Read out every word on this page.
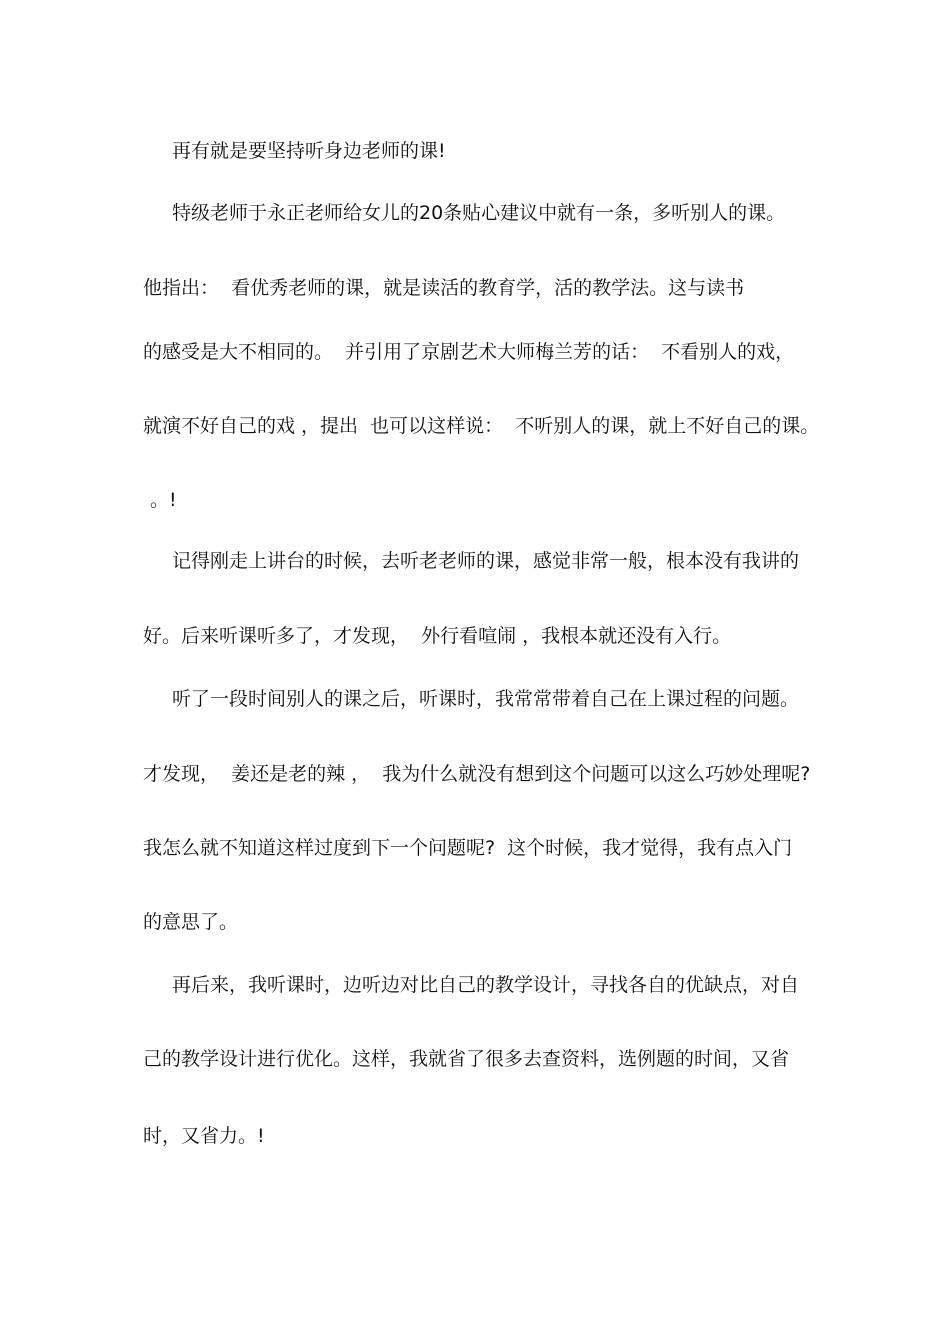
再有就是要坚持听身边老师的课!
特级老师于永正老师给女儿的20条贴心建议中就有一条，多听别人的课。
他指出：  看优秀老师的课，就是读活的教育学，活的教学法。这与读书
的感受是大不相同的。  并引用了京剧艺术大师梅兰芳的话：  不看别人的戏，
就演不好自己的戏 ，提出  也可以这样说：  不听别人的课，就上不好自己的课。
。!
记得刚走上讲台的时候，去听老老师的课，感觉非常一般，根本没有我讲的
好。后来听课听多了，才发现，  外行看喧闹 ，我根本就还没有入行。
听了一段时间别人的课之后，听课时，我常常带着自己在上课过程的问题。
才发现，  姜还是老的辣 ，  我为什么就没有想到这个问题可以这么巧妙处理呢?
我怎么就不知道这样过度到下一个问题呢?  这个时候，我才觉得，我有点入门
的意思了。
再后来，我听课时，边听边对比自己的教学设计，寻找各自的优缺点，对自
己的教学设计进行优化。这样，我就省了很多去查资料，选例题的时间，又省
时，又省力。!
